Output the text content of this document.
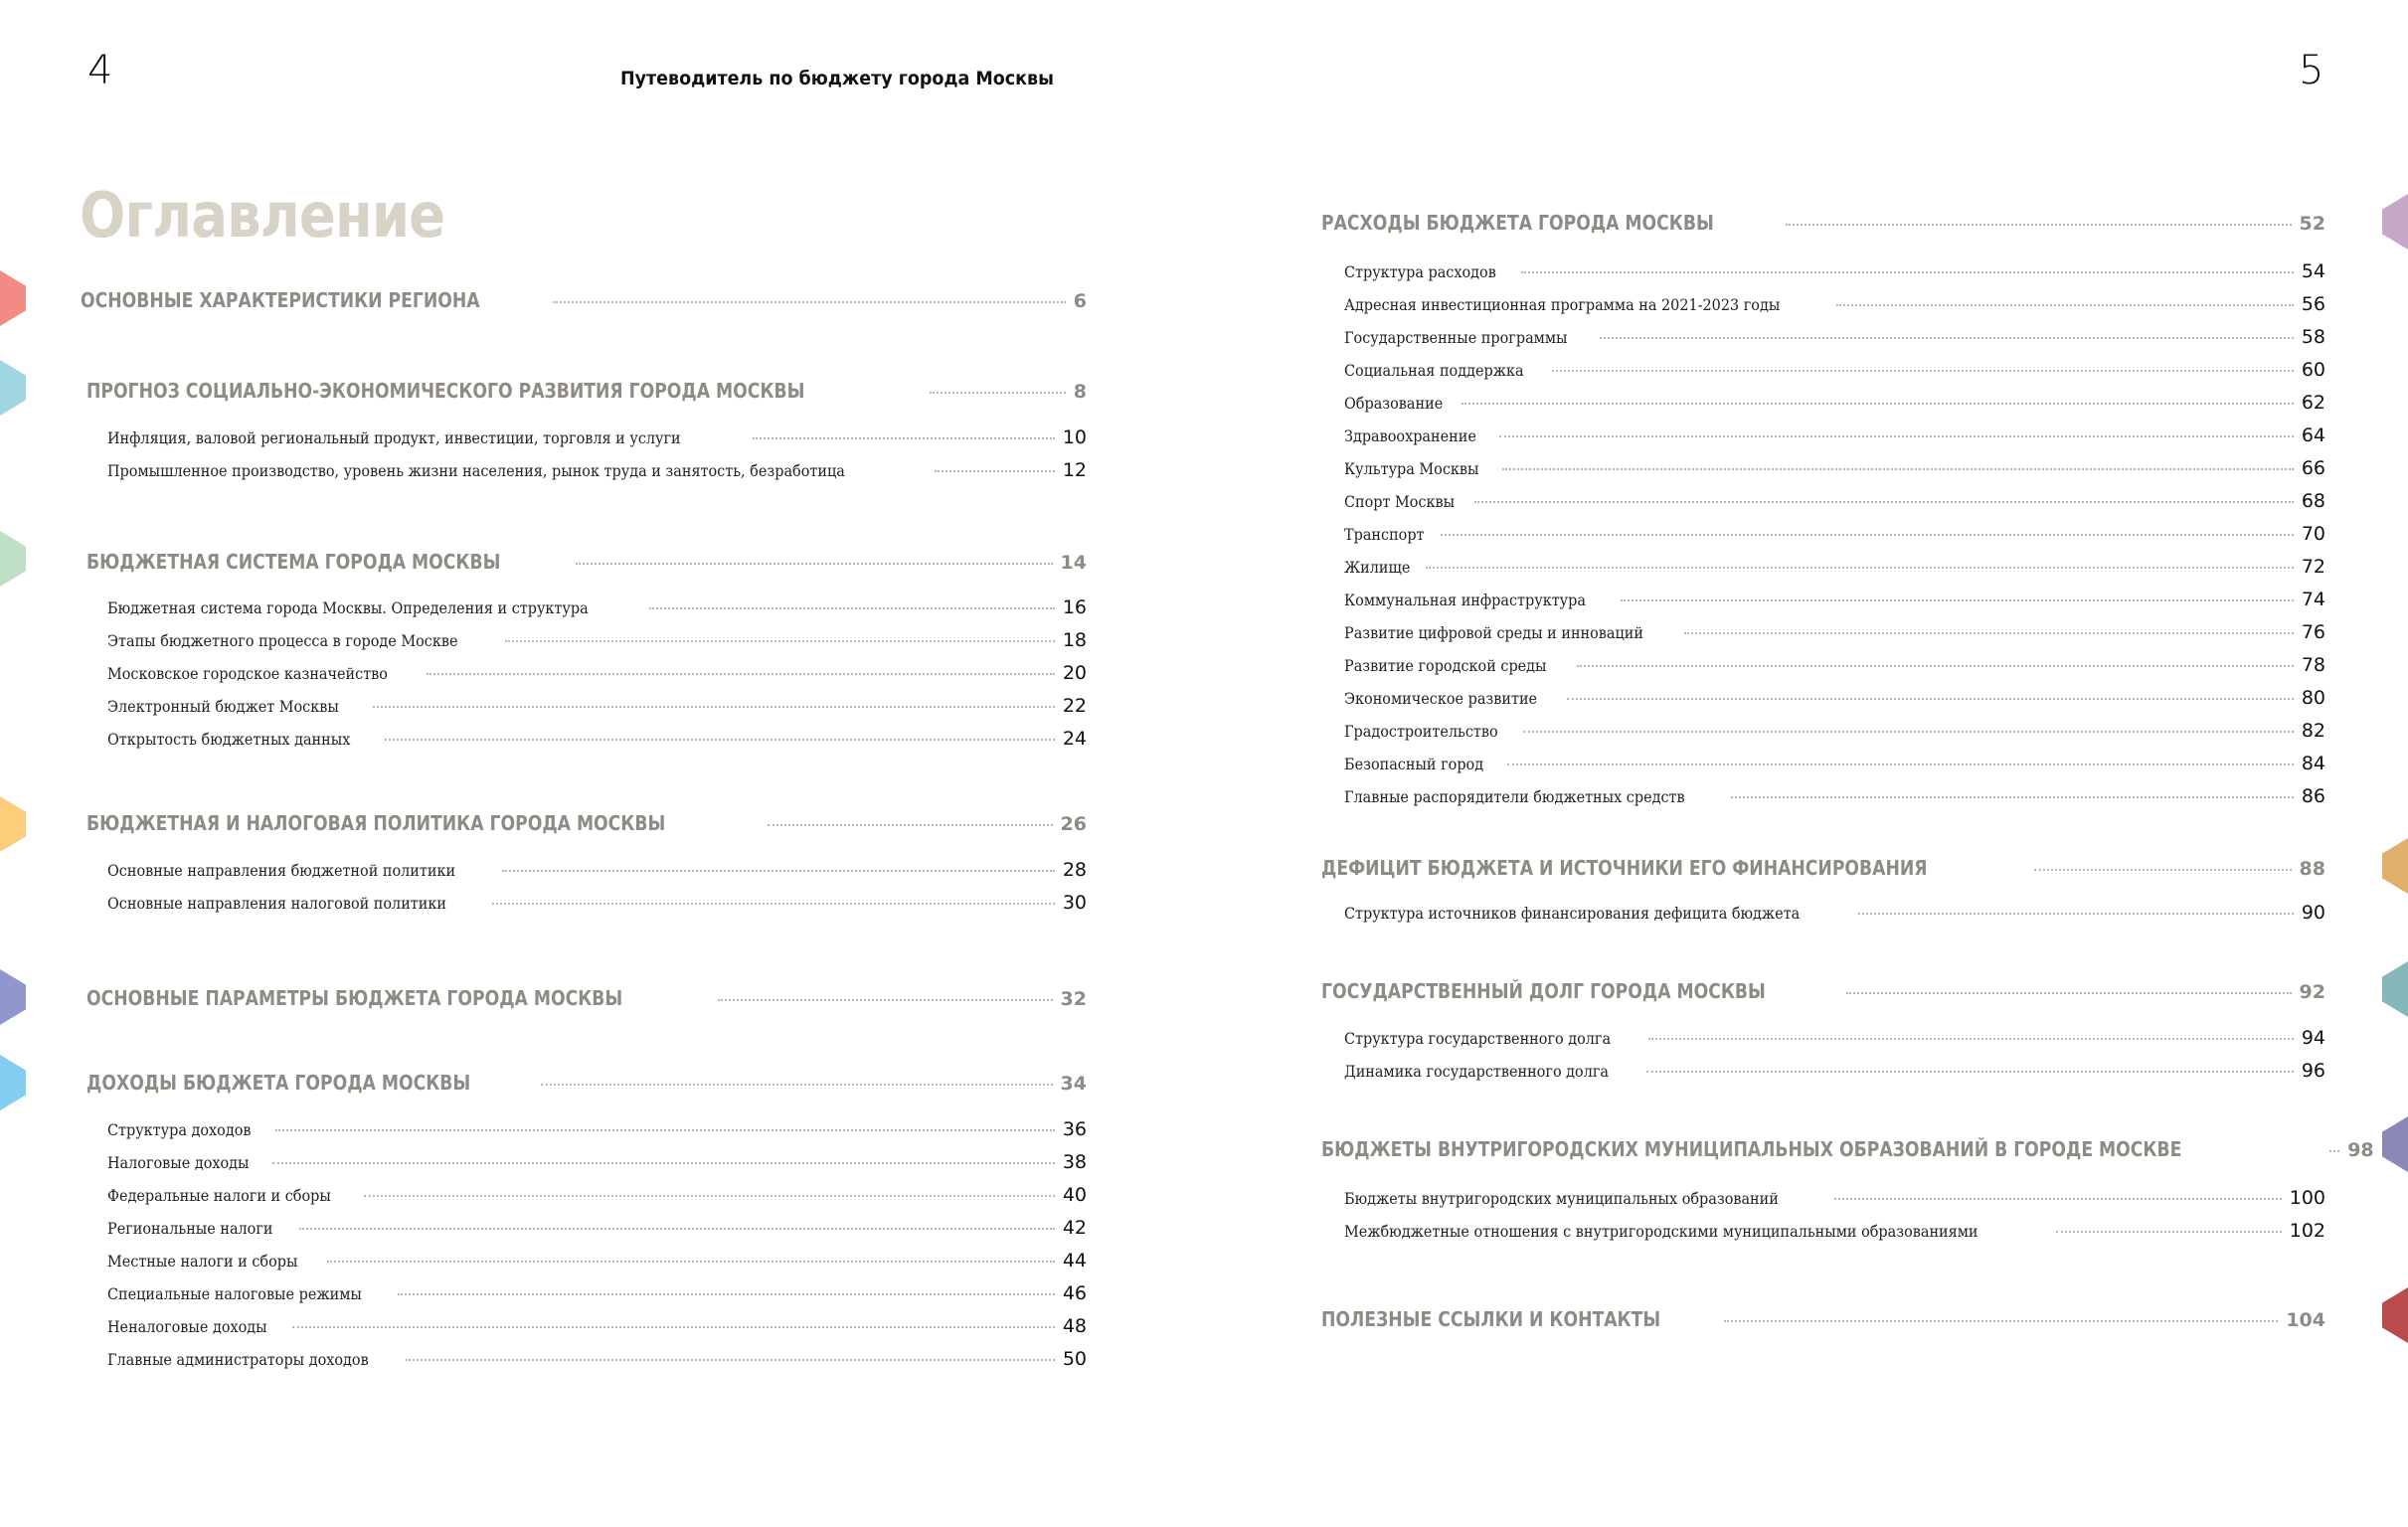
4	Путеводитель по бюджету города Москвы	5
Оглавление
ОСНОВНЫЕ ХАРАКТЕРИСТИКИ РЕГИОНА	6
ПРОГНОЗ СОЦИАЛЬНО-ЭКОНОМИЧЕСКОГО РАЗВИТИЯ ГОРОДА МОСКВЫ	8
Инфляция, валовой региональный продукт, инвестиции, торговля и услуги	10
Промышленное производство, уровень жизни населения, рынок труда и занятость, безработица	12
БЮДЖЕТНАЯ СИСТЕМА ГОРОДА МОСКВЫ	14
Бюджетная система города Москвы. Определения и структура	16
Этапы бюджетного процесса в городе Москве	18
Московское городское казначейство	20
Электронный бюджет Москвы	22
Открытость бюджетных данных	24
БЮДЖЕТНАЯ И НАЛОГОВАЯ ПОЛИТИКА ГОРОДА МОСКВЫ	26
Основные направления бюджетной политики	28
Основные направления налоговой политики	30
ОСНОВНЫЕ ПАРАМЕТРЫ БЮДЖЕТА ГОРОДА МОСКВЫ	32
ДОХОДЫ БЮДЖЕТА ГОРОДА МОСКВЫ	34
Структура доходов	36
Налоговые доходы	38
Федеральные налоги и сборы	40
Региональные налоги	42
Местные налоги и сборы	44
Специальные налоговые режимы	46
Неналоговые доходы	48
Главные администраторы доходов	50
РАСХОДЫ БЮДЖЕТА ГОРОДА МОСКВЫ	52
Структура расходов	54
Адресная инвестиционная программа на 2021-2023 годы	56
Государственные программы	58
Социальная поддержка	60
Образование	62
Здравоохранение	64
Культура Москвы	66
Спорт Москвы	68
Транспорт	70
Жилище	72
Коммунальная инфраструктура	74
Развитие цифровой среды и инноваций	76
Развитие городской среды	78
Экономическое развитие	80
Градостроительство	82
Безопасный город	84
Главные распорядители бюджетных средств	86
ДЕФИЦИТ БЮДЖЕТА И ИСТОЧНИКИ ЕГО ФИНАНСИРОВАНИЯ	88
Структура источников финансирования дефицита бюджета	90
ГОСУДАРСТВЕННЫЙ ДОЛГ ГОРОДА МОСКВЫ	92
Структура государственного долга	94
Динамика государственного долга	96
БЮДЖЕТЫ ВНУТРИГОРОДСКИХ МУНИЦИПАЛЬНЫХ ОБРАЗОВАНИЙ В ГОРОДЕ МОСКВЕ	98
Бюджеты внутригородских муниципальных образований	100
Межбюджетные отношения с внутригородскими муниципальными образованиями	102
ПОЛЕЗНЫЕ ССЫЛКИ И КОНТАКТЫ	104
